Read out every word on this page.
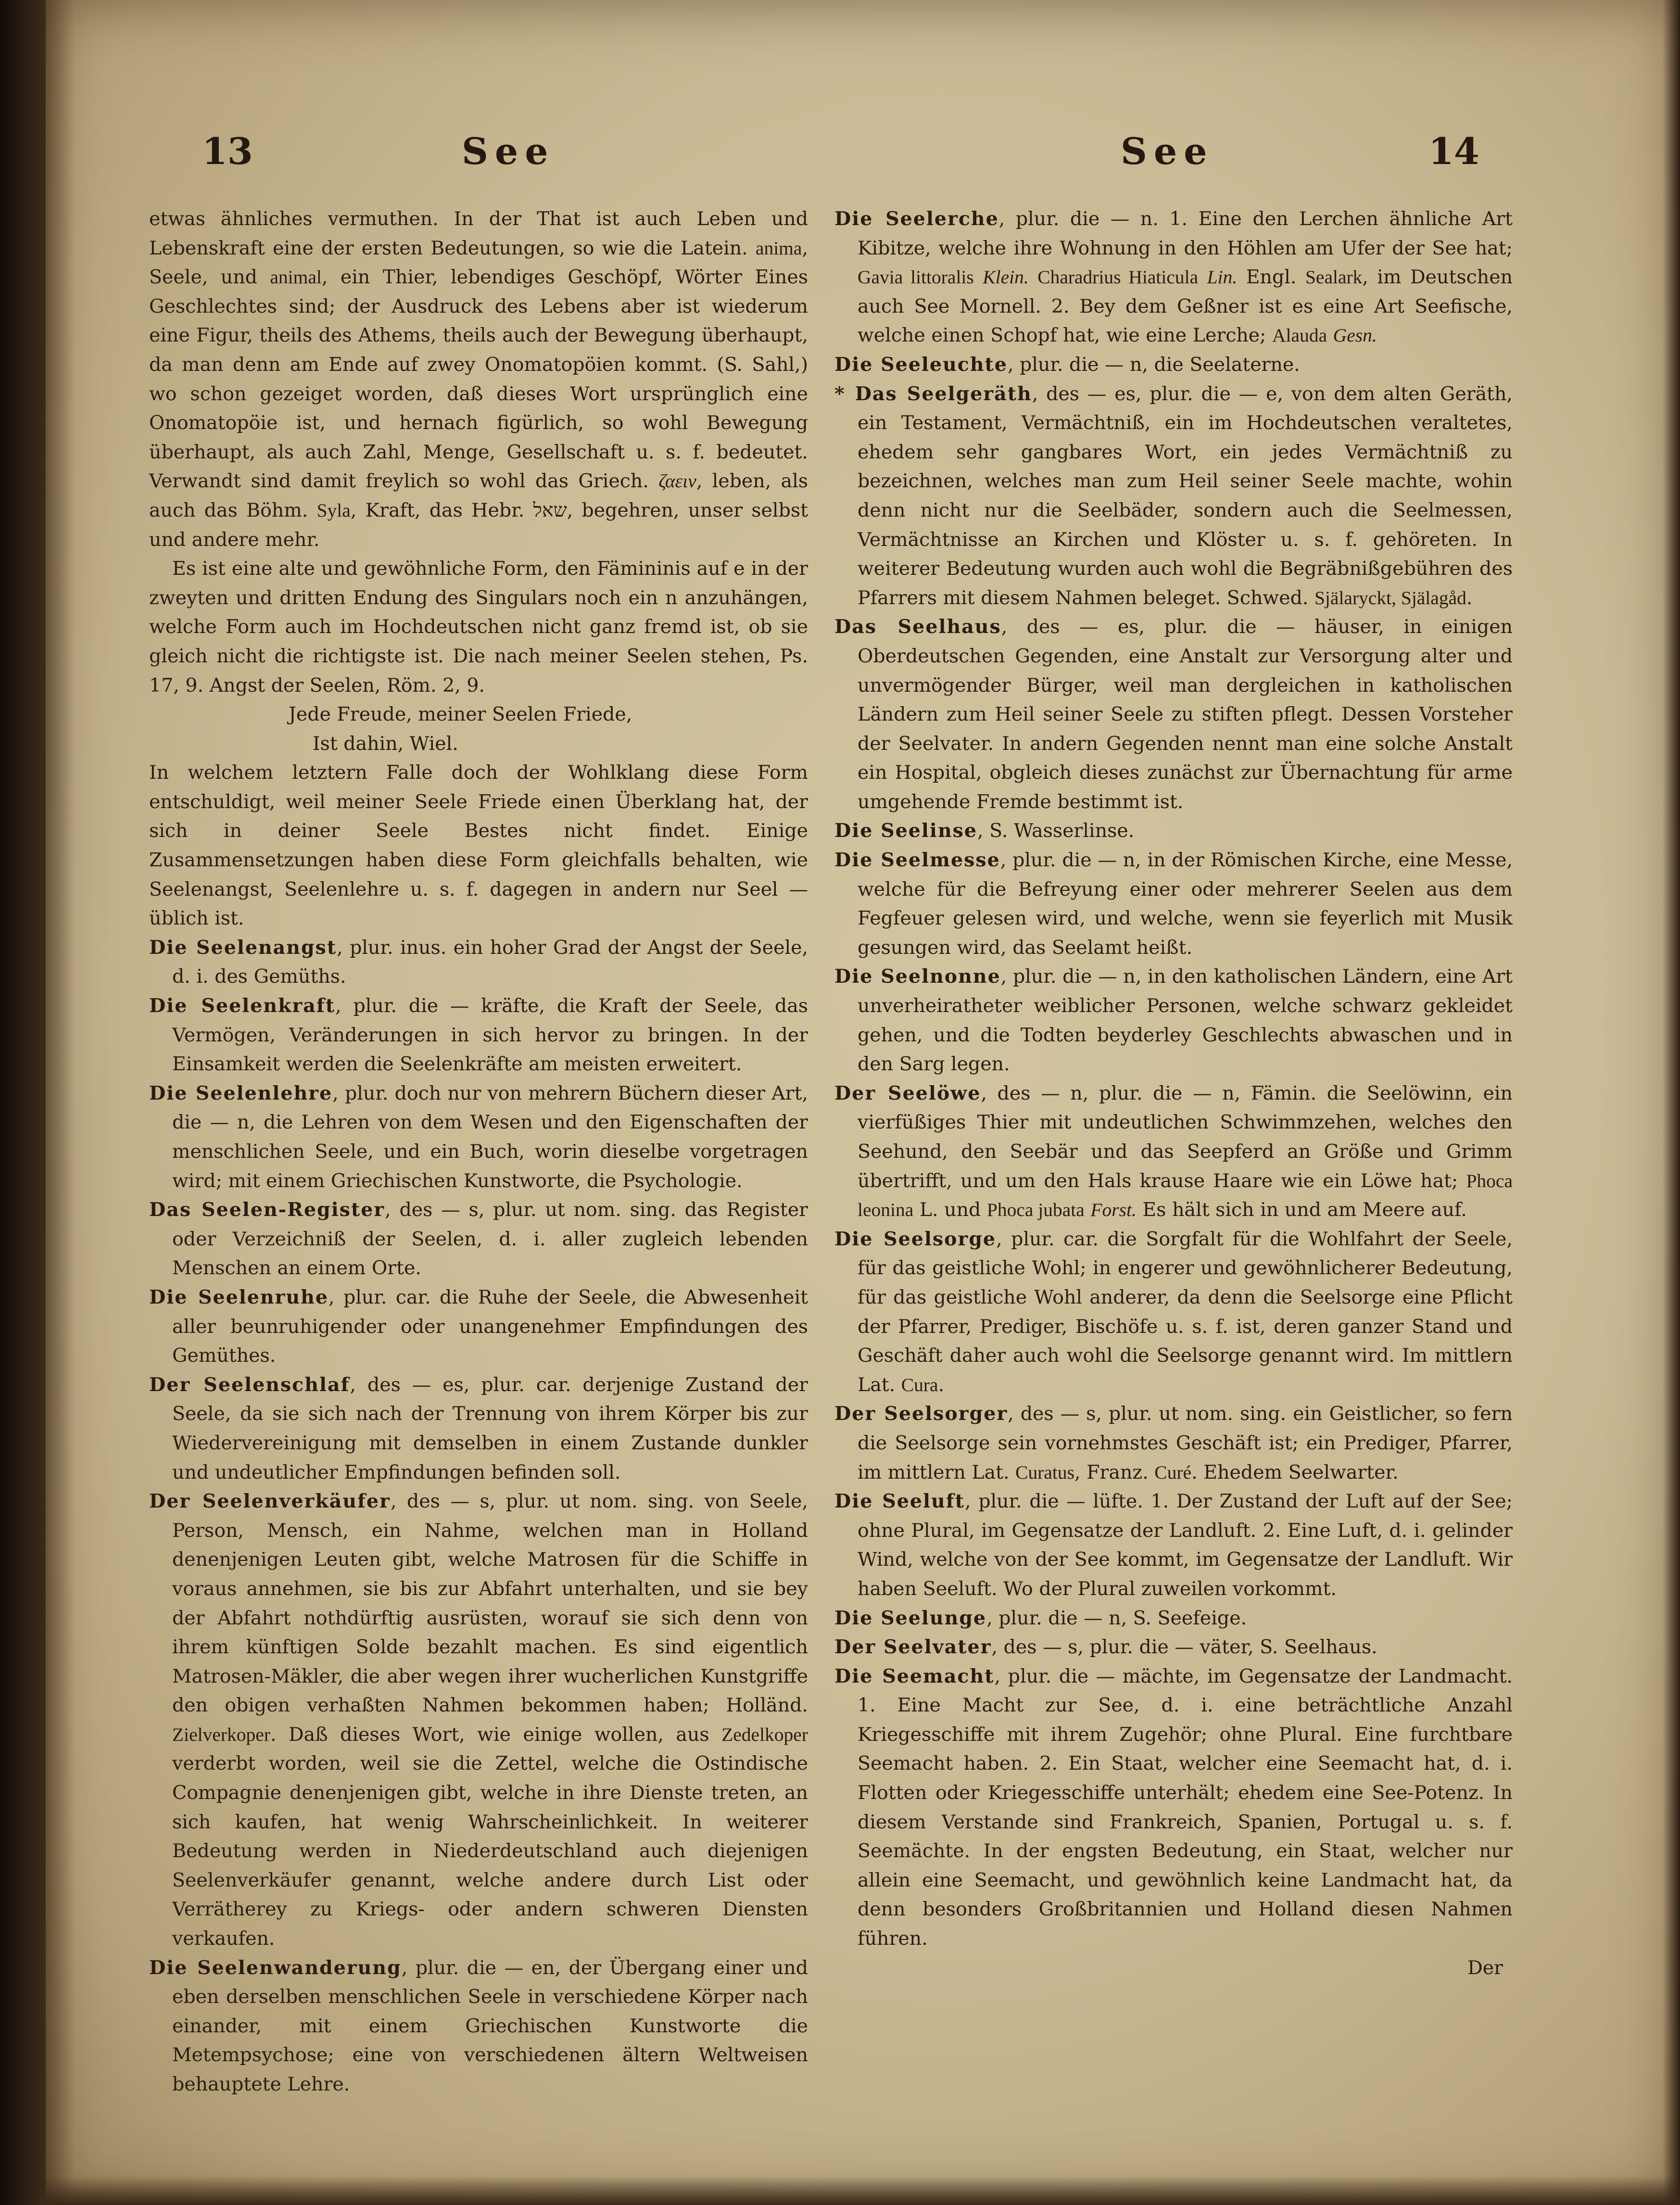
13	See	See	14

etwas ähnliches vermuthen. In der That ist auch Leben und Lebenskraft eine der ersten Bedeutungen, so wie die Latein. anima, Seele, und animal, ein Thier, lebendiges Geschöpf, Wörter Eines Geschlechtes sind; der Ausdruck des Lebens aber ist wiederum eine Figur, theils des Athems, theils auch der Bewegung überhaupt, da man denn am Ende auf zwey Onomatopöien kommt. (S. Sahl,) wo schon gezeiget worden, daß dieses Wort ursprünglich eine Onomatopöie ist, und hernach figürlich, so wohl Bewegung überhaupt, als auch Zahl, Menge, Gesellschaft u. s. f. bedeutet. Verwandt sind damit freylich so wohl das Griech. ζαειν, leben, als auch das Böhm. Syla, Kraft, das Hebr. שאל, begehren, unser selbst und andere mehr.

Es ist eine alte und gewöhnliche Form, den Fämininis auf e in der zweyten und dritten Endung des Singulars noch ein n anzuhängen, welche Form auch im Hochdeutschen nicht ganz fremd ist, ob sie gleich nicht die richtigste ist. Die nach meiner Seelen stehen, Ps. 17, 9. Angst der Seelen, Röm. 2, 9.

Jede Freude, meiner Seelen Friede,

Ist dahin, Wiel.

In welchem letztern Falle doch der Wohlklang diese Form entschuldigt, weil meiner Seele Friede einen Überklang hat, der sich in deiner Seele Bestes nicht findet. Einige Zusammensetzungen haben diese Form gleichfalls behalten, wie Seelenangst, Seelenlehre u. s. f. dagegen in andern nur Seel — üblich ist.

Die Seelenangst, plur. inus. ein hoher Grad der Angst der Seele, d. i. des Gemüths.

Die Seelenkraft, plur. die — kräfte, die Kraft der Seele, das Vermögen, Veränderungen in sich hervor zu bringen. In der Einsamkeit werden die Seelenkräfte am meisten erweitert.

Die Seelenlehre, plur. doch nur von mehrern Büchern dieser Art, die — n, die Lehren von dem Wesen und den Eigenschaften der menschlichen Seele, und ein Buch, worin dieselbe vorgetragen wird; mit einem Griechischen Kunstworte, die Psychologie.

Das Seelen-Register, des — s, plur. ut nom. sing. das Register oder Verzeichniß der Seelen, d. i. aller zugleich lebenden Menschen an einem Orte.

Die Seelenruhe, plur. car. die Ruhe der Seele, die Abwesenheit aller beunruhigender oder unangenehmer Empfindungen des Gemüthes.

Der Seelenschlaf, des — es, plur. car. derjenige Zustand der Seele, da sie sich nach der Trennung von ihrem Körper bis zur Wiedervereinigung mit demselben in einem Zustande dunkler und undeutlicher Empfindungen befinden soll.

Der Seelenverkäufer, des — s, plur. ut nom. sing. von Seele, Person, Mensch, ein Nahme, welchen man in Holland denenjenigen Leuten gibt, welche Matrosen für die Schiffe in voraus annehmen, sie bis zur Abfahrt unterhalten, und sie bey der Abfahrt nothdürftig ausrüsten, worauf sie sich denn von ihrem künftigen Solde bezahlt machen. Es sind eigentlich Matrosen-Mäkler, die aber wegen ihrer wucherlichen Kunstgriffe den obigen verhaßten Nahmen bekommen haben; Holländ. Zielverkoper. Daß dieses Wort, wie einige wollen, aus Zedelkoper verderbt worden, weil sie die Zettel, welche die Ostindische Compagnie denenjenigen gibt, welche in ihre Dienste treten, an sich kaufen, hat wenig Wahrscheinlichkeit. In weiterer Bedeutung werden in Niederdeutschland auch diejenigen Seelenverkäufer genannt, welche andere durch List oder Verrätherey zu Kriegs- oder andern schweren Diensten verkaufen.

Die Seelenwanderung, plur. die — en, der Übergang einer und eben derselben menschlichen Seele in verschiedene Körper nach einander, mit einem Griechischen Kunstworte die Metempsychose; eine von verschiedenen ältern Weltweisen behauptete Lehre.

Die Seelerche, plur. die — n. 1. Eine den Lerchen ähnliche Art Kibitze, welche ihre Wohnung in den Höhlen am Ufer der See hat; Gavia littoralis Klein. Charadrius Hiaticula Lin. Engl. Sealark, im Deutschen auch See Mornell. 2. Bey dem Geßner ist es eine Art Seefische, welche einen Schopf hat, wie eine Lerche; Alauda Gesn.

Die Seeleuchte, plur. die — n, die Seelaterne.

* Das Seelgeräth, des — es, plur. die — e, von dem alten Geräth, ein Testament, Vermächtniß, ein im Hochdeutschen veraltetes, ehedem sehr gangbares Wort, ein jedes Vermächtniß zu bezeichnen, welches man zum Heil seiner Seele machte, wohin denn nicht nur die Seelbäder, sondern auch die Seelmessen, Vermächtnisse an Kirchen und Klöster u. s. f. gehöreten. In weiterer Bedeutung wurden auch wohl die Begräbnißgebühren des Pfarrers mit diesem Nahmen beleget. Schwed. Själaryckt, Själagåd.

Das Seelhaus, des — es, plur. die — häuser, in einigen Oberdeutschen Gegenden, eine Anstalt zur Versorgung alter und unvermögender Bürger, weil man dergleichen in katholischen Ländern zum Heil seiner Seele zu stiften pflegt. Dessen Vorsteher der Seelvater. In andern Gegenden nennt man eine solche Anstalt ein Hospital, obgleich dieses zunächst zur Übernachtung für arme umgehende Fremde bestimmt ist.

Die Seelinse, S. Wasserlinse.

Die Seelmesse, plur. die — n, in der Römischen Kirche, eine Messe, welche für die Befreyung einer oder mehrerer Seelen aus dem Fegfeuer gelesen wird, und welche, wenn sie feyerlich mit Musik gesungen wird, das Seelamt heißt.

Die Seelnonne, plur. die — n, in den katholischen Ländern, eine Art unverheiratheter weiblicher Personen, welche schwarz gekleidet gehen, und die Todten beyderley Geschlechts abwaschen und in den Sarg legen.

Der Seelöwe, des — n, plur. die — n, Fämin. die Seelöwinn, ein vierfüßiges Thier mit undeutlichen Schwimmzehen, welches den Seehund, den Seebär und das Seepferd an Größe und Grimm übertrifft, und um den Hals krause Haare wie ein Löwe hat; Phoca leonina L. und Phoca jubata Forst. Es hält sich in und am Meere auf.

Die Seelsorge, plur. car. die Sorgfalt für die Wohlfahrt der Seele, für das geistliche Wohl; in engerer und gewöhnlicherer Bedeutung, für das geistliche Wohl anderer, da denn die Seelsorge eine Pflicht der Pfarrer, Prediger, Bischöfe u. s. f. ist, deren ganzer Stand und Geschäft daher auch wohl die Seelsorge genannt wird. Im mittlern Lat. Cura.

Der Seelsorger, des — s, plur. ut nom. sing. ein Geistlicher, so fern die Seelsorge sein vornehmstes Geschäft ist; ein Prediger, Pfarrer, im mittlern Lat. Curatus, Franz. Curé. Ehedem Seelwarter.

Die Seeluft, plur. die — lüfte. 1. Der Zustand der Luft auf der See; ohne Plural, im Gegensatze der Landluft. 2. Eine Luft, d. i. gelinder Wind, welche von der See kommt, im Gegensatze der Landluft. Wir haben Seeluft. Wo der Plural zuweilen vorkommt.

Die Seelunge, plur. die — n, S. Seefeige.

Der Seelvater, des — s, plur. die — väter, S. Seelhaus.

Die Seemacht, plur. die — mächte, im Gegensatze der Landmacht. 1. Eine Macht zur See, d. i. eine beträchtliche Anzahl Kriegesschiffe mit ihrem Zugehör; ohne Plural. Eine furchtbare Seemacht haben. 2. Ein Staat, welcher eine Seemacht hat, d. i. Flotten oder Kriegesschiffe unterhält; ehedem eine See-Potenz. In diesem Verstande sind Frankreich, Spanien, Portugal u. s. f. Seemächte. In der engsten Bedeutung, ein Staat, welcher nur allein eine Seemacht, und gewöhnlich keine Landmacht hat, da denn besonders Großbritannien und Holland diesen Nahmen führen.

Der
